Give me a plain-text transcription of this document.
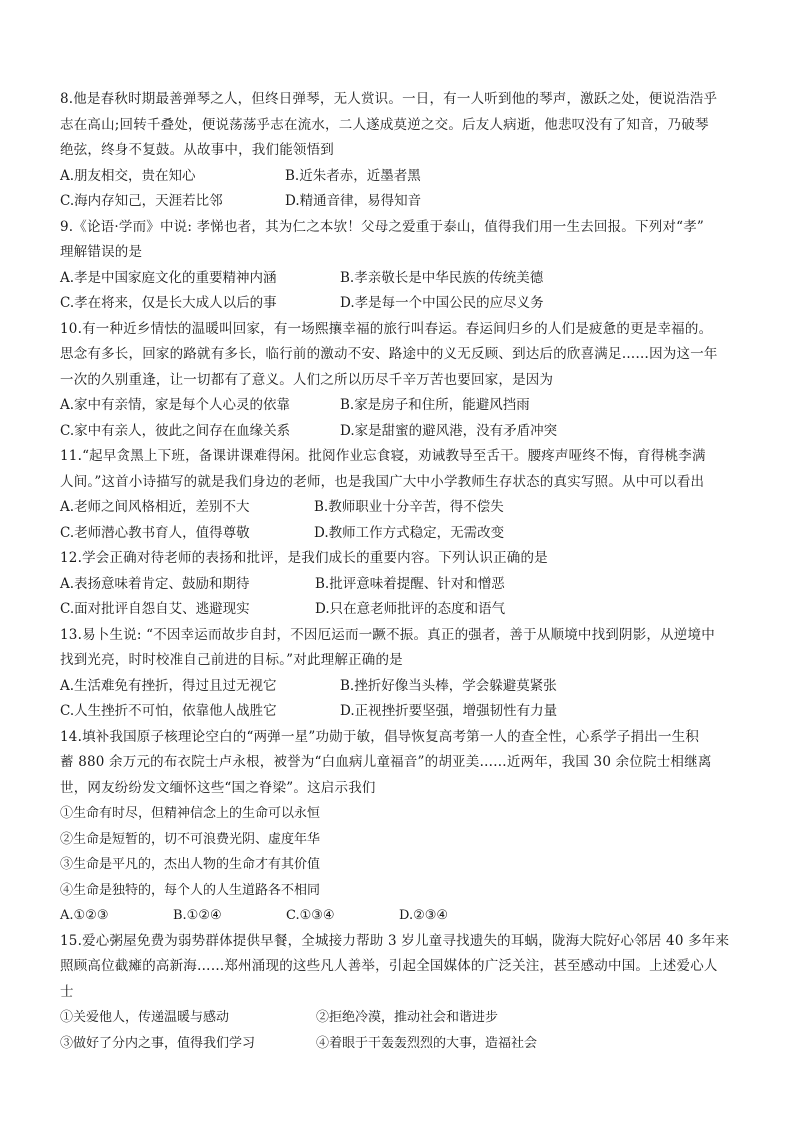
8.他是春秋时期最善弹琴之人，但终日弹琴，无人赏识。一日，有一人听到他的琴声，激跃之处，便说浩浩乎
志在高山;回转千叠处，便说荡荡乎志在流水，二人遂成莫逆之交。后友人病逝，他悲叹没有了知音，乃破琴
绝弦，终身不复鼓。从故事中，我们能领悟到
A.朋友相交，贵在知心	B.近朱者赤，近墨者黑
C.海内存知己，天涯若比邻	D.精通音律，易得知音
9.《论语·学而》中说: 孝悌也者，其为仁之本欤！父母之爱重于泰山，值得我们用一生去回报。下列对“孝”
理解错误的是
A.孝是中国家庭文化的重要精神内涵	B.孝亲敬长是中华民族的传统美德
C.孝在将来，仅是长大成人以后的事	D.孝是每一个中国公民的应尽义务
10.有一种近乡情怯的温暖叫回家，有一场熙攘幸福的旅行叫春运。春运间归乡的人们是疲惫的更是幸福的。
思念有多长，回家的路就有多长，临行前的激动不安、路途中的义无反顾、到达后的欣喜满足……因为这一年
一次的久别重逢，让一切都有了意义。人们之所以历尽千辛万苦也要回家，是因为
A.家中有亲情，家是每个人心灵的依靠	B.家是房子和住所，能避风挡雨
C.家中有亲人，彼此之间存在血缘关系	D.家是甜蜜的避风港，没有矛盾冲突
11.“起早贪黑上下班，备课讲课难得闲。批阅作业忘食寝，劝诫教导至舌干。腰疼声哑终不悔，育得桃李满
人间。”这首小诗描写的就是我们身边的老师，也是我国广大中小学教师生存状态的真实写照。从中可以看出
A.老师之间风格相近，差别不大	B.教师职业十分辛苦，得不偿失
C.老师潜心教书育人，值得尊敬	D.教师工作方式稳定，无需改变
12.学会正确对待老师的表扬和批评，是我们成长的重要内容。下列认识正确的是
A.表扬意味着肯定、鼓励和期待	B.批评意味着提醒、针对和憎恶
C.面对批评自怨自艾、逃避现实	D.只在意老师批评的态度和语气
13.易卜生说: “不因幸运而故步自封，不因厄运而一蹶不振。真正的强者，善于从顺境中找到阴影，从逆境中
找到光亮，时时校准自己前进的目标。”对此理解正确的是
A.生活难免有挫折，得过且过无视它	B.挫折好像当头棒，学会躲避莫紧张
C.人生挫折不可怕，依靠他人战胜它	D.正视挫折要坚强，增强韧性有力量
14.填补我国原子核理论空白的“两弹一星”功勋于敏，倡导恢复高考第一人的查全性，心系学子捐出一生积
蓄 880 余万元的布衣院士卢永根，被誉为“白血病儿童福音”的胡亚美……近两年，我国 30 余位院士相继离
世，网友纷纷发文缅怀这些“国之脊梁”。这启示我们
①生命有时尽，但精神信念上的生命可以永恒
②生命是短暂的，切不可浪费光阴、虚度年华
③生命是平凡的，杰出人物的生命才有其价值
④生命是独特的，每个人的人生道路各不相同
A.①②③	B.①②④	C.①③④	D.②③④
15.爱心粥屋免费为弱势群体提供早餐，全城接力帮助 3 岁儿童寻找遗失的耳蜗，陇海大院好心邻居 40 多年来
照顾高位截瘫的高新海……郑州涌现的这些凡人善举，引起全国媒体的广泛关注，甚至感动中国。上述爱心人
士
①关爱他人，传递温暖与感动	②拒绝冷漠，推动社会和谐进步
③做好了分内之事，值得我们学习	④着眼于干轰轰烈烈的大事，造福社会
